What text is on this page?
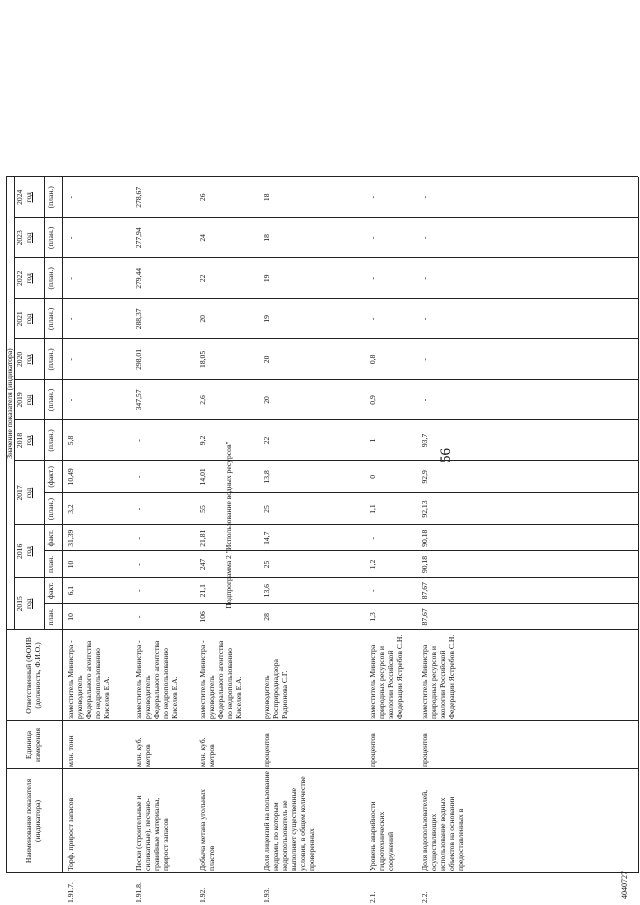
56
4040727
Наименование показателя (индикатора)
Единица измерения
Ответственный (ФОИВ (должность, Ф.И.О.)
Значение показателя (индикатора)
2015 год
2016 год
2017 год
2018 год
2019 год
2020 год
2021 год
2022 год
2023 год
2024 год
план.
факт.
план.
факт.
(план.)
(факт.)
(план.)
(план.)
(план.)
(план.)
(план.)
(план.)
(план.)
Подпрограмма 2 "Использование водных ресурсов"
1.91.7.
Торф, прирост запасов
млн. тонн
заместитель Министра - руководитель Федерального агентства по недропользованию Киселев Е.А.
10
6,1
10
31,39
3,2
10,49
5,8
-
-
-
-
-
-
1.91.8.
Пески (строительные и силикатные), песчано-гравийные материалы, прирост запасов
млн. куб. метров
заместитель Министра - руководитель Федерального агентства по недропользованию Киселев Е.А.
-
-
-
-
-
-
-
347,57
298,01
288,37
279,44
277,94
278,67
1.92.
Добыча метана угольных пластов
млн. куб. метров
заместитель Министра - руководитель Федерального агентства по недропользованию Киселев Е.А.
106
21,1
247
21,81
55
14,01
9,2
2,6
18,05
20
22
24
26
1.93.
Доля лицензий на пользование недрами, по которым недропользователь не выполняет существенные условия, в общем количестве проверенных
процентов
руководитель Росприроднадзора Радионова С.Г.
28
13,6
25
14,7
25
13,8
22
20
20
19
19
18
18
2.1.
Уровень аварийности гидротехнических сооружений
процентов
заместитель Министра природных ресурсов и экологии Российской Федерации Ястребов С.Н.
1,3
-
1,2
-
1,1
0
1
0,9
0,8
-
-
-
-
2.2.
Доля водопользователей, осуществляющих использование водных объектов на основании предоставленных в
процентов
заместитель Министра природных ресурсов и экологии Российской Федерации Ястребов С.Н.
87,67
87,67
90,18
90,18
92,13
92,9
93,7
-
-
-
-
-
-
